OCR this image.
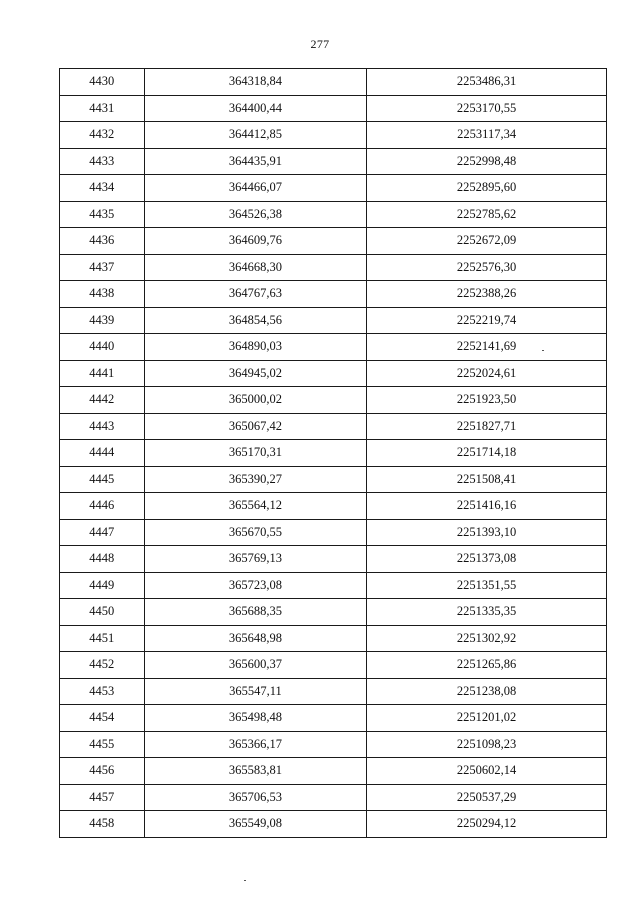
277
4430	364318,84	2253486,31
4431	364400,44	2253170,55
4432	364412,85	2253117,34
4433	364435,91	2252998,48
4434	364466,07	2252895,60
4435	364526,38	2252785,62
4436	364609,76	2252672,09
4437	364668,30	2252576,30
4438	364767,63	2252388,26
4439	364854,56	2252219,74
4440	364890,03	2252141,69
4441	364945,02	2252024,61
4442	365000,02	2251923,50
4443	365067,42	2251827,71
4444	365170,31	2251714,18
4445	365390,27	2251508,41
4446	365564,12	2251416,16
4447	365670,55	2251393,10
4448	365769,13	2251373,08
4449	365723,08	2251351,55
4450	365688,35	2251335,35
4451	365648,98	2251302,92
4452	365600,37	2251265,86
4453	365547,11	2251238,08
4454	365498,48	2251201,02
4455	365366,17	2251098,23
4456	365583,81	2250602,14
4457	365706,53	2250537,29
4458	365549,08	2250294,12
